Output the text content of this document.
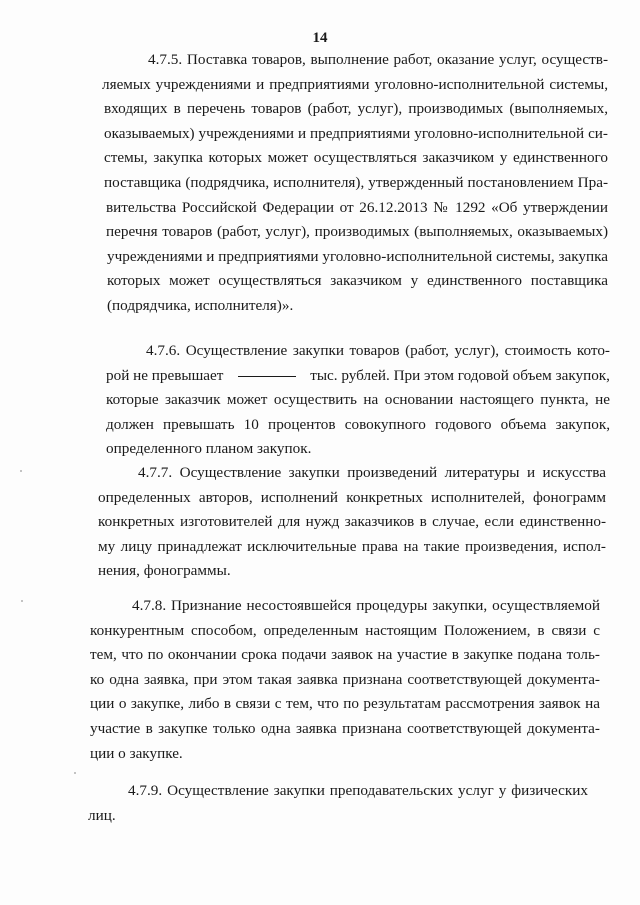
14
4.7.5. Поставка товаров, выполнение работ, оказание услуг, осуществ-
ляемых учреждениями и предприятиями уголовно-исполнительной системы,
входящих в перечень товаров (работ, услуг), производимых (выполняемых,
оказываемых) учреждениями и предприятиями уголовно-исполнительной си-
стемы, закупка которых может осуществляться заказчиком у единственного
поставщика (подрядчика, исполнителя), утвержденный постановлением Пра-
вительства Российской Федерации от 26.12.2013 № 1292 «Об утверждении
перечня товаров (работ, услуг), производимых (выполняемых, оказываемых)
учреждениями и предприятиями уголовно-исполнительной системы, закупка
которых может осуществляться заказчиком у единственного поставщика
(подрядчика, исполнителя)».
4.7.6. Осуществление закупки товаров (работ, услуг), стоимость кото-
рой не превышает	тыс. рублей. При этом годовой объем закупок,
которые заказчик может осуществить на основании настоящего пункта, не
должен превышать 10 процентов совокупного годового объема закупок,
определенного планом закупок.
4.7.7. Осуществление закупки произведений литературы и искусства
определенных авторов, исполнений конкретных исполнителей, фонограмм
конкретных изготовителей для нужд заказчиков в случае, если единственно-
му лицу принадлежат исключительные права на такие произведения, испол-
нения, фонограммы.
4.7.8. Признание несостоявшейся процедуры закупки, осуществляемой
конкурентным способом, определенным настоящим Положением, в связи с
тем, что по окончании срока подачи заявок на участие в закупке подана толь-
ко одна заявка, при этом такая заявка признана соответствующей документа-
ции о закупке, либо в связи с тем, что по результатам рассмотрения заявок на
участие в закупке только одна заявка признана соответствующей документа-
ции о закупке.
4.7.9. Осуществление закупки преподавательских услуг у физических
лиц.
